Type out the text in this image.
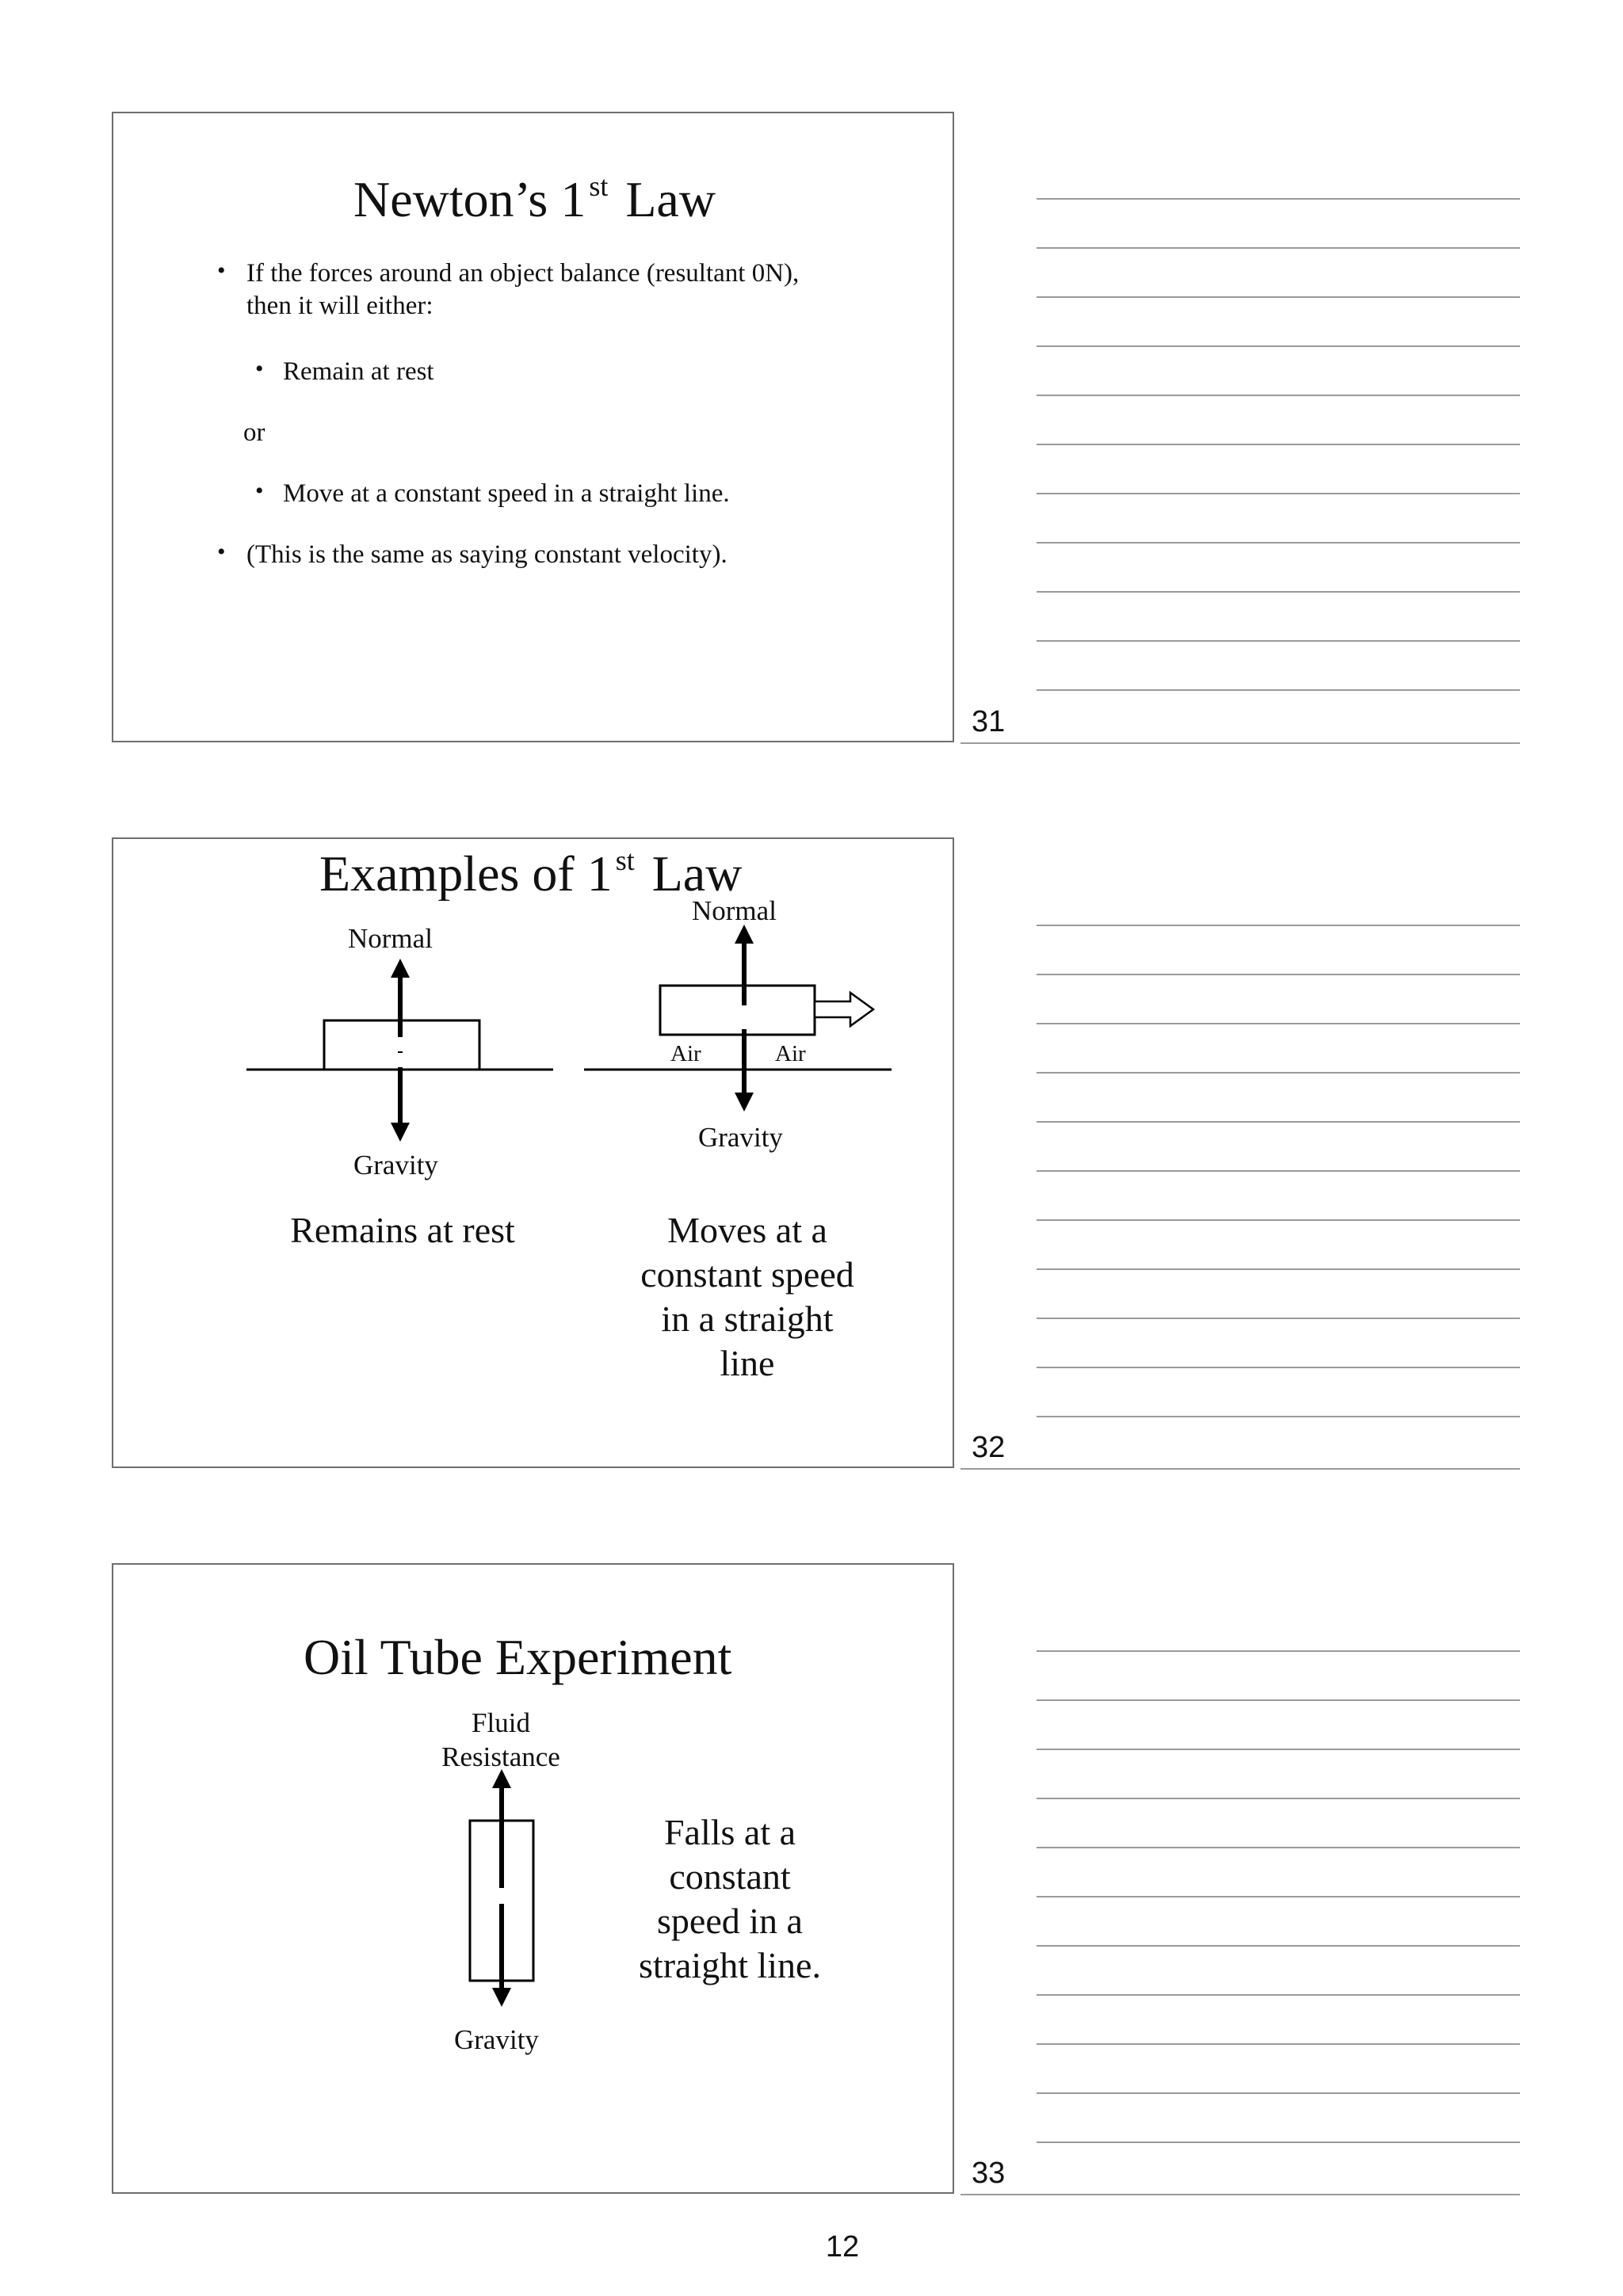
Newton’s 1 $^{st}$ Law
• If the forces around an object balance (resultant 0N), then it will either:
• Remain at rest
or
• Move at a constant speed in a straight line.
• (This is the same as saying constant velocity).
31
Examples of 1 $^{st}$ Law
Normal
Gravity
Remains at rest
Normal
Air	Air
Gravity
Moves at a
constant speed
in a straight
line
32
Oil Tube Experiment
Fluid
Resistance
Gravity
Falls at a
constant
speed in a
straight line.
33
12
